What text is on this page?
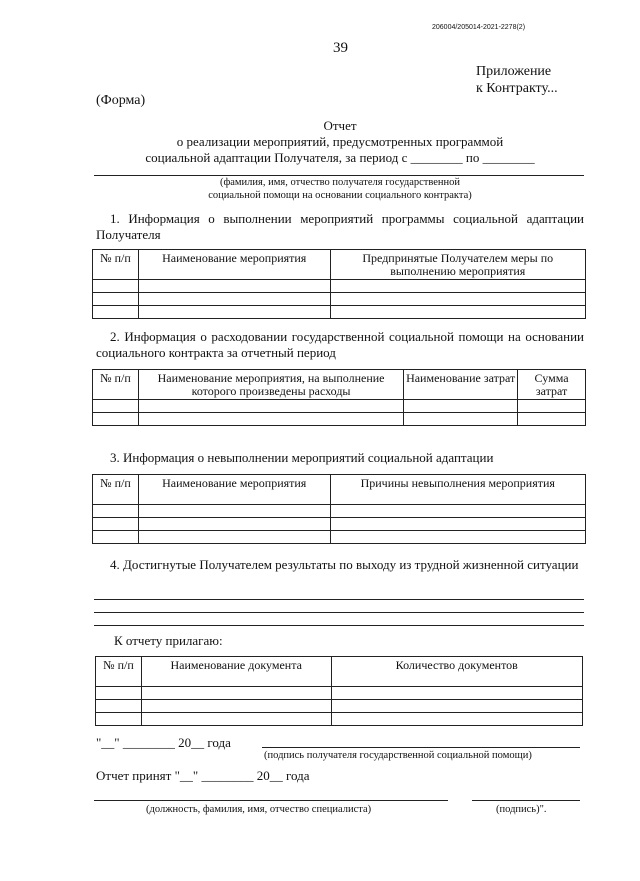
206004/205014-2021-2278(2)
39
Приложение
к Контракту...
(Форма)
Отчет
о реализации мероприятий, предусмотренных программой
социальной адаптации Получателя, за период с ________ по ________
(фамилия, имя, отчество получателя государственной
социальной помощи на основании социального контракта)
1. Информация о выполнении мероприятий программы социальной адаптации Получателя
№ п/п	Наименование мероприятия	Предпринятые Получателем меры по выполнению мероприятия

2. Информация о расходовании государственной социальной помощи на основании социального контракта за отчетный период
№ п/п	Наименование мероприятия, на выполнение которого произведены расходы	Наименование затрат	Сумма затрат

3. Информация о невыполнении мероприятий социальной адаптации
№ п/п	Наименование мероприятия	Причины невыполнения мероприятия

4. Достигнутые Получателем результаты по выходу из трудной жизненной ситуации
К отчету прилагаю:
№ п/п	Наименование документа	Количество документов

"__" ________ 20__ года
(подпись получателя государственной социальной помощи)
Отчет принят "__" ________ 20__ года
(должность, фамилия, имя, отчество специалиста)	(подпись)".
